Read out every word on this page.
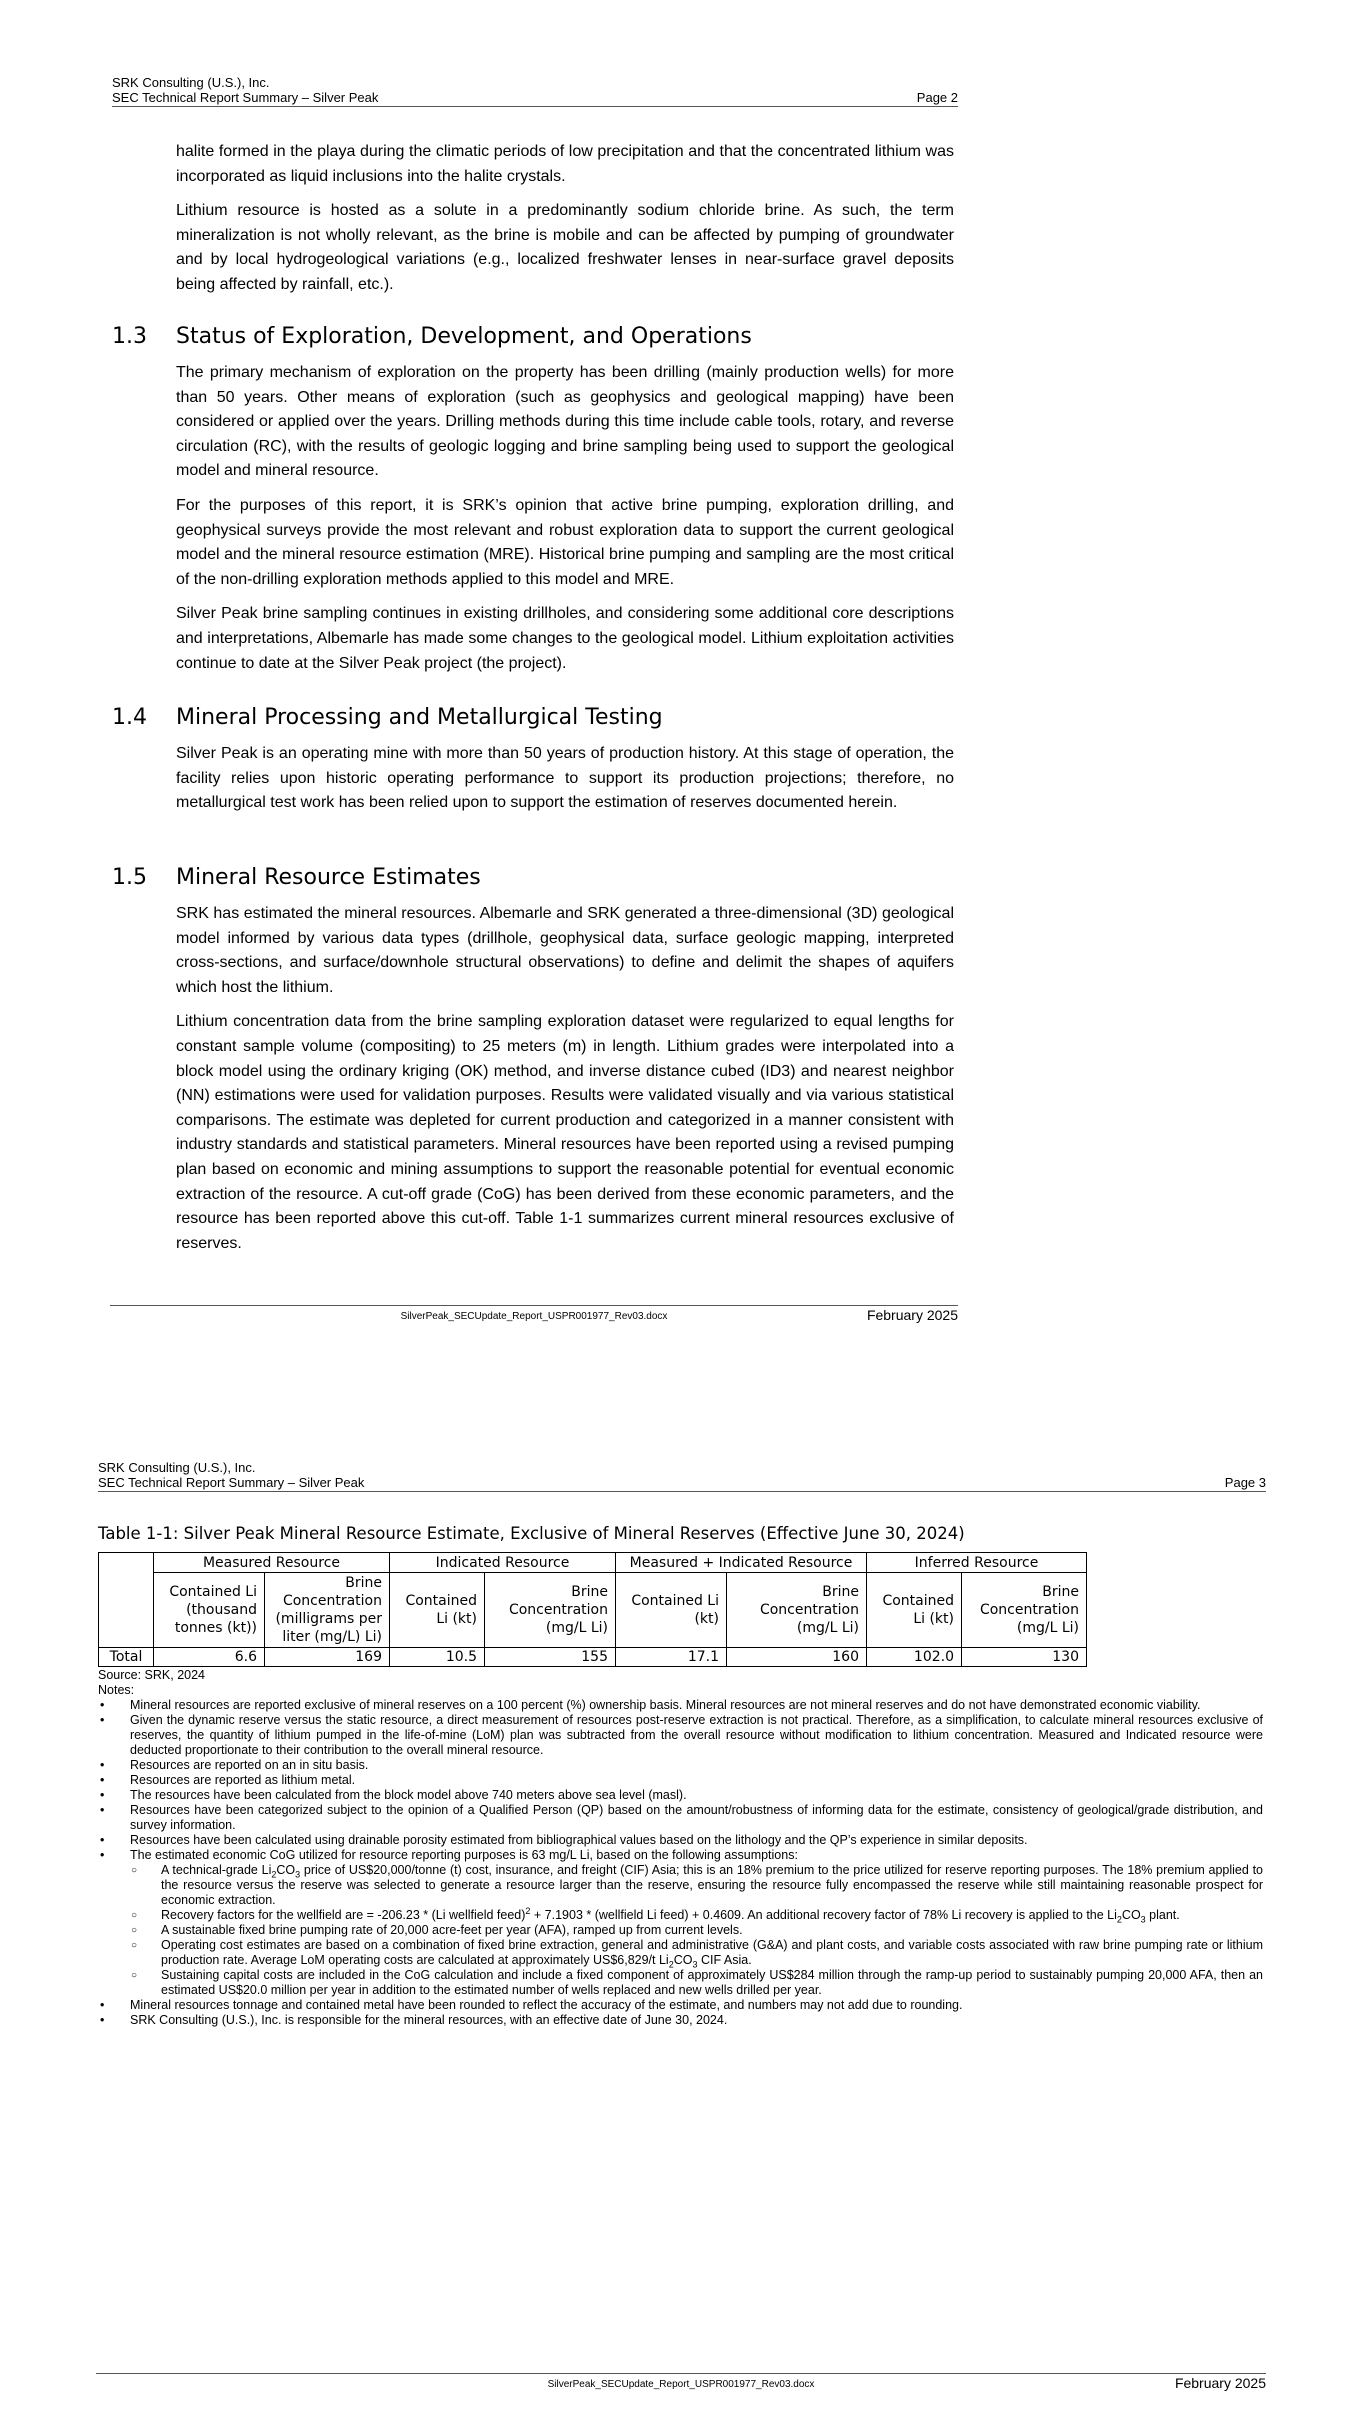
SRK Consulting (U.S.), Inc.
SEC Technical Report Summary – Silver Peak	Page 2

halite formed in the playa during the climatic periods of low precipitation and that the concentrated lithium was incorporated as liquid inclusions into the halite crystals.

Lithium resource is hosted as a solute in a predominantly sodium chloride brine. As such, the term mineralization is not wholly relevant, as the brine is mobile and can be affected by pumping of groundwater and by local hydrogeological variations (e.g., localized freshwater lenses in near-surface gravel deposits being affected by rainfall, etc.).

1.3 Status of Exploration, Development, and Operations

The primary mechanism of exploration on the property has been drilling (mainly production wells) for more than 50 years. Other means of exploration (such as geophysics and geological mapping) have been considered or applied over the years. Drilling methods during this time include cable tools, rotary, and reverse circulation (RC), with the results of geologic logging and brine sampling being used to support the geological model and mineral resource.

For the purposes of this report, it is SRK’s opinion that active brine pumping, exploration drilling, and geophysical surveys provide the most relevant and robust exploration data to support the current geological model and the mineral resource estimation (MRE). Historical brine pumping and sampling are the most critical of the non-drilling exploration methods applied to this model and MRE.

Silver Peak brine sampling continues in existing drillholes, and considering some additional core descriptions and interpretations, Albemarle has made some changes to the geological model. Lithium exploitation activities continue to date at the Silver Peak project (the project).

1.4 Mineral Processing and Metallurgical Testing

Silver Peak is an operating mine with more than 50 years of production history. At this stage of operation, the facility relies upon historic operating performance to support its production projections; therefore, no metallurgical test work has been relied upon to support the estimation of reserves documented herein.

1.5 Mineral Resource Estimates

SRK has estimated the mineral resources. Albemarle and SRK generated a three-dimensional (3D) geological model informed by various data types (drillhole, geophysical data, surface geologic mapping, interpreted cross-sections, and surface/downhole structural observations) to define and delimit the shapes of aquifers which host the lithium.

Lithium concentration data from the brine sampling exploration dataset were regularized to equal lengths for constant sample volume (compositing) to 25 meters (m) in length. Lithium grades were interpolated into a block model using the ordinary kriging (OK) method, and inverse distance cubed (ID3) and nearest neighbor (NN) estimations were used for validation purposes. Results were validated visually and via various statistical comparisons. The estimate was depleted for current production and categorized in a manner consistent with industry standards and statistical parameters. Mineral resources have been reported using a revised pumping plan based on economic and mining assumptions to support the reasonable potential for eventual economic extraction of the resource. A cut-off grade (CoG) has been derived from these economic parameters, and the resource has been reported above this cut-off. Table 1-1 summarizes current mineral resources exclusive of reserves.

SilverPeak_SECUpdate_Report_USPR001977_Rev03.docx	February 2025
SRK Consulting (U.S.), Inc.
SEC Technical Report Summary – Silver Peak	Page 3
SilverPeak_SECUpdate_Report_USPR001977_Rev03.docx	February 2025
Table 1-1: Silver Peak Mineral Resource Estimate, Exclusive of Mineral Reserves (Effective June 30, 2024)
	Measured Resource		Indicated Resource		Measured + Indicated Resource		Inferred Resource	
	Contained Li (thousand tonnes (kt))	Brine Concentration (milligrams per liter (mg/L) Li)	Contained Li (kt)	Brine Concentration (mg/L Li)	Contained Li (kt)	Brine Concentration (mg/L Li)	Contained Li (kt)	Brine Concentration (mg/L Li)
Total	6.6	169	10.5	155	17.1	160	102.0	130
Source: SRK, 2024
Notes:
• Mineral resources are reported exclusive of mineral reserves on a 100 percent (%) ownership basis. Mineral resources are not mineral reserves and do not have demonstrated economic viability.
• Given the dynamic reserve versus the static resource, a direct measurement of resources post-reserve extraction is not practical. Therefore, as a simplification, to calculate mineral resources exclusive of reserves, the quantity of lithium pumped in the life-of-mine (LoM) plan was subtracted from the overall resource without modification to lithium concentration. Measured and Indicated resource were deducted proportionate to their contribution to the overall mineral resource.
• Resources are reported on an in situ basis.
• Resources are reported as lithium metal.
• The resources have been calculated from the block model above 740 meters above sea level (masl).
• Resources have been categorized subject to the opinion of a Qualified Person (QP) based on the amount/robustness of informing data for the estimate, consistency of geological/grade distribution, and survey information.
• Resources have been calculated using drainable porosity estimated from bibliographical values based on the lithology and the QP’s experience in similar deposits.
• The estimated economic CoG utilized for resource reporting purposes is 63 mg/L Li, based on the following assumptions:
○ A technical-grade $Li_2CO_3$ price of US$20,000/tonne (t) cost, insurance, and freight (CIF) Asia; this is an 18% premium to the price utilized for reserve reporting purposes. The 18% premium applied to the resource versus the reserve was selected to generate a resource larger than the reserve, ensuring the resource fully encompassed the reserve while still maintaining reasonable prospect for economic extraction.
○ Recovery factors for the wellfield are = -206.23 * (Li wellfield feed)$^2$ + 7.1903 * (wellfield Li feed) + 0.4609. An additional recovery factor of 78% Li recovery is applied to the $Li_2CO_3$ plant.
○ A sustainable fixed brine pumping rate of 20,000 acre-feet per year (AFA), ramped up from current levels.
○ Operating cost estimates are based on a combination of fixed brine extraction, general and administrative (G&A) and plant costs, and variable costs associated with raw brine pumping rate or lithium production rate. Average LoM operating costs are calculated at approximately US$6,829/t $Li_2CO_3$ CIF Asia.
○ Sustaining capital costs are included in the CoG calculation and include a fixed component of approximately US$284 million through the ramp-up period to sustainably pumping 20,000 AFA, then an estimated US$20.0 million per year in addition to the estimated number of wells replaced and new wells drilled per year.
• Mineral resources tonnage and contained metal have been rounded to reflect the accuracy of the estimate, and numbers may not add due to rounding.
• SRK Consulting (U.S.), Inc. is responsible for the mineral resources, with an effective date of June 30, 2024.
